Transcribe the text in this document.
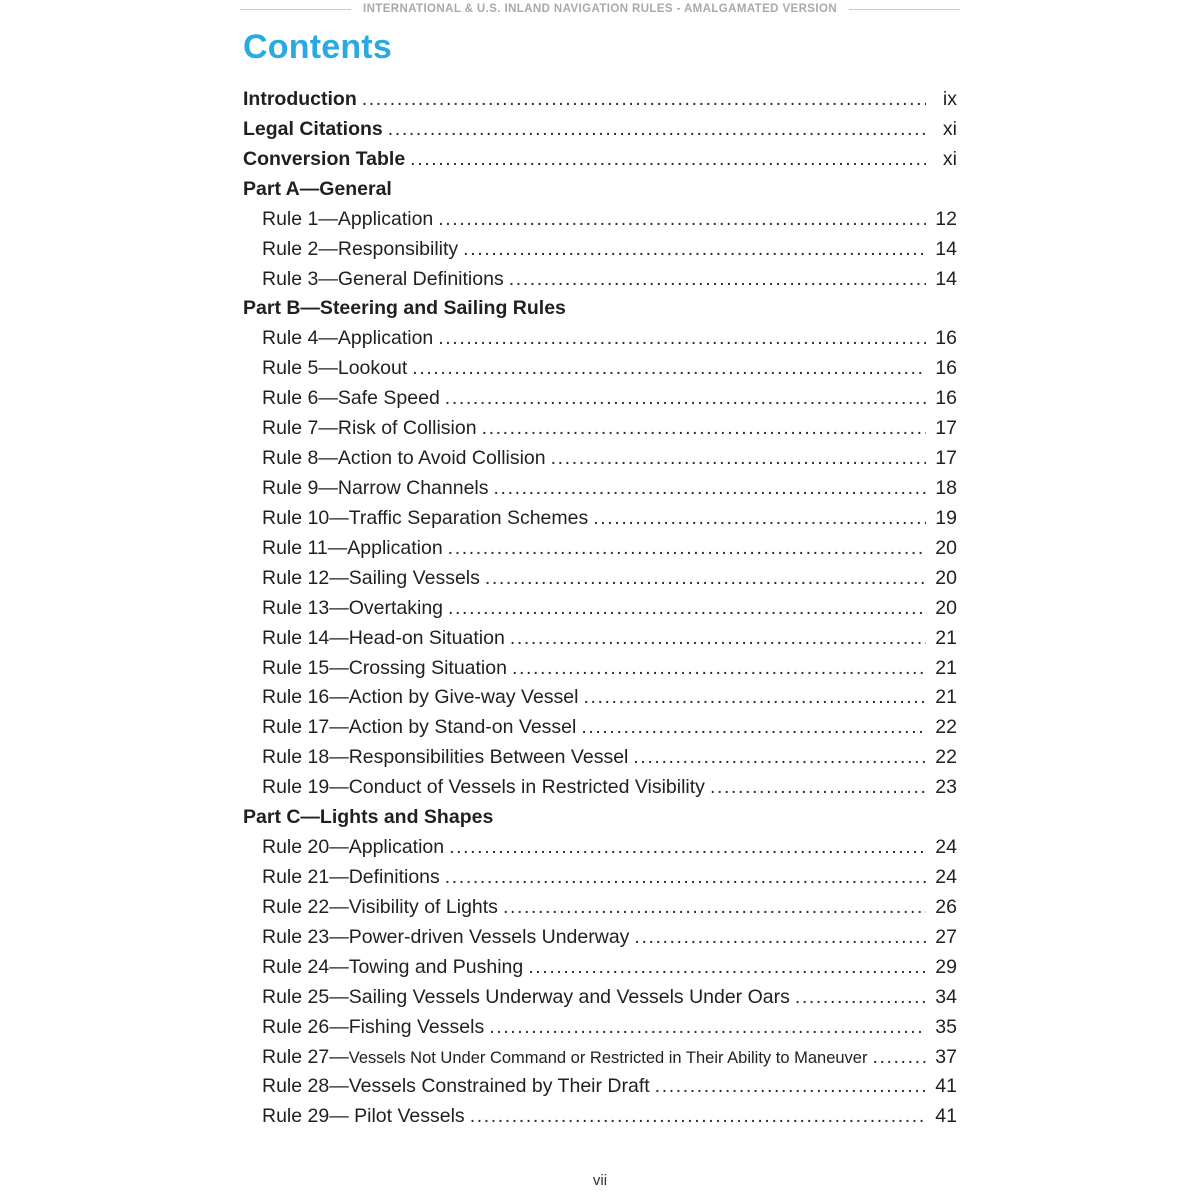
INTERNATIONAL & U.S. INLAND NAVIGATION RULES - AMALGAMATED VERSION
Contents
Introduction .....	ix
Legal Citations .....	xi
Conversion Table .....	xi
Part A—General
Rule 1—Application .....	12
Rule 2—Responsibility .....	14
Rule 3—General Definitions .....	14
Part B—Steering and Sailing Rules
Rule 4—Application .....	16
Rule 5—Lookout .....	16
Rule 6—Safe Speed .....	16
Rule 7—Risk of Collision .....	17
Rule 8—Action to Avoid Collision .....	17
Rule 9—Narrow Channels .....	18
Rule 10—Traffic Separation Schemes .....	19
Rule 11—Application .....	20
Rule 12—Sailing Vessels .....	20
Rule 13—Overtaking .....	20
Rule 14—Head-on Situation .....	21
Rule 15—Crossing Situation .....	21
Rule 16—Action by Give-way Vessel .....	21
Rule 17—Action by Stand-on Vessel .....	22
Rule 18—Responsibilities Between Vessel .....	22
Rule 19—Conduct of Vessels in Restricted Visibility .....	23
Part C—Lights and Shapes
Rule 20—Application .....	24
Rule 21—Definitions .....	24
Rule 22—Visibility of Lights .....	26
Rule 23—Power-driven Vessels Underway .....	27
Rule 24—Towing and Pushing .....	29
Rule 25—Sailing Vessels Underway and Vessels Under Oars .....	34
Rule 26—Fishing Vessels .....	35
Rule 27— Vessels Not Under Command or Restricted in Their Ability to Maneuver .....	37
Rule 28—Vessels Constrained by Their Draft .....	41
Rule 29— Pilot Vessels .....	41
vii
